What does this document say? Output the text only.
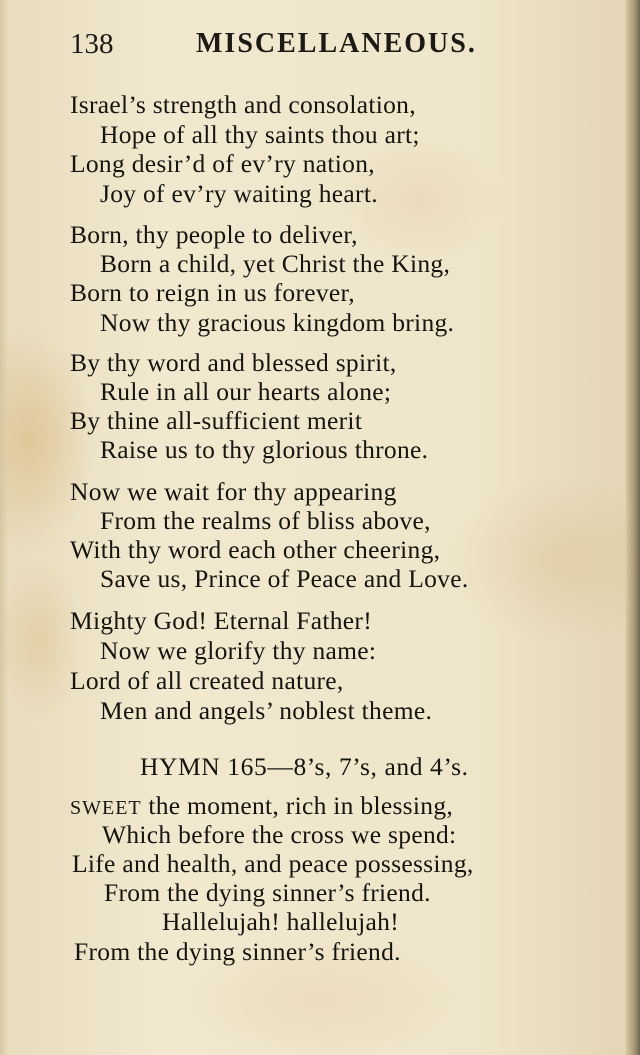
138	MISCELLANEOUS.
Israel’s strength and consolation,
Hope of all thy saints thou art;
Long desir’d of ev’ry nation,
Joy of ev’ry waiting heart.
Born, thy people to deliver,
Born a child, yet Christ the King,
Born to reign in us forever,
Now thy gracious kingdom bring.
By thy word and blessed spirit,
Rule in all our hearts alone;
By thine all-sufficient merit
Raise us to thy glorious throne.
Now we wait for thy appearing
From the realms of bliss above,
With thy word each other cheering,
Save us, Prince of Peace and Love.
Mighty God! Eternal Father!
Now we glorify thy name:
Lord of all created nature,
Men and angels’ noblest theme.
HYMN 165—8’s, 7’s, and 4’s.
SWEET the moment, rich in blessing,
Which before the cross we spend:
Life and health, and peace possessing,
From the dying sinner’s friend.
Hallelujah! hallelujah!
From the dying sinner’s friend.
